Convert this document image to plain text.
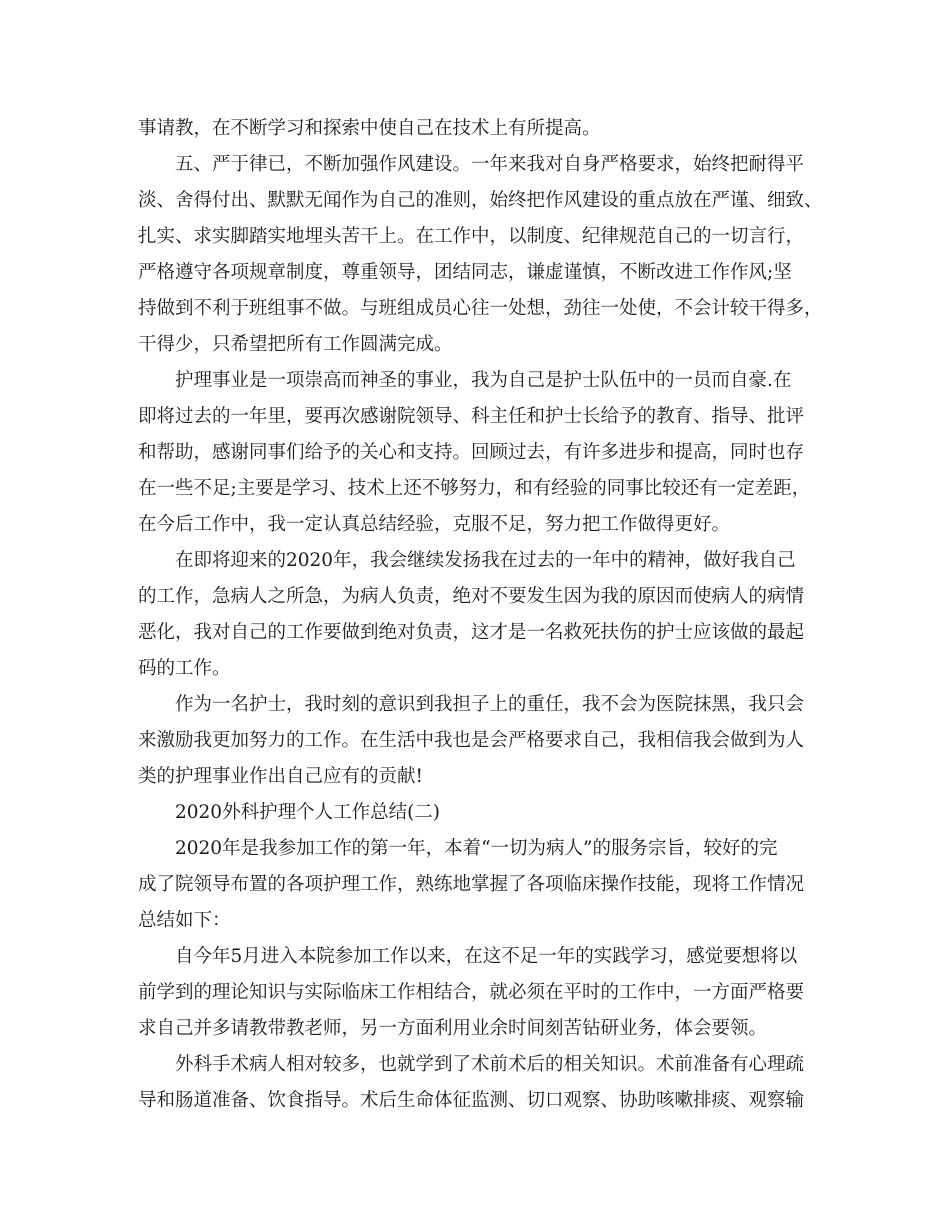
事请教，在不断学习和探索中使自己在技术上有所提高。
五、严于律已，不断加强作风建设。一年来我对自身严格要求，始终把耐得平
淡、舍得付出、默默无闻作为自己的准则，始终把作风建设的重点放在严谨、细致、
扎实、求实脚踏实地埋头苦干上。在工作中，以制度、纪律规范自己的一切言行，
严格遵守各项规章制度，尊重领导，团结同志，谦虚谨慎，不断改进工作作风;坚
持做到不利于班组事不做。与班组成员心往一处想，劲往一处使，不会计较干得多，
干得少，只希望把所有工作圆满完成。
护理事业是一项崇高而神圣的事业，我为自己是护士队伍中的一员而自豪.在
即将过去的一年里，要再次感谢院领导、科主任和护士长给予的教育、指导、批评
和帮助，感谢同事们给予的关心和支持。回顾过去，有许多进步和提高，同时也存
在一些不足;主要是学习、技术上还不够努力，和有经验的同事比较还有一定差距，
在今后工作中，我一定认真总结经验，克服不足，努力把工作做得更好。
在即将迎来的2020年，我会继续发扬我在过去的一年中的精神，做好我自己
的工作，急病人之所急，为病人负责，绝对不要发生因为我的原因而使病人的病情
恶化，我对自己的工作要做到绝对负责，这才是一名救死扶伤的护士应该做的最起
码的工作。
作为一名护士，我时刻的意识到我担子上的重任，我不会为医院抹黑，我只会
来激励我更加努力的工作。在生活中我也是会严格要求自己，我相信我会做到为人
类的护理事业作出自己应有的贡献!
2020外科护理个人工作总结(二)
2020年是我参加工作的第一年，本着“一切为病人”的服务宗旨，较好的完
成了院领导布置的各项护理工作，熟练地掌握了各项临床操作技能，现将工作情况
总结如下：
自今年5月进入本院参加工作以来，在这不足一年的实践学习，感觉要想将以
前学到的理论知识与实际临床工作相结合，就必须在平时的工作中，一方面严格要
求自己并多请教带教老师，另一方面利用业余时间刻苦钻研业务，体会要领。
外科手术病人相对较多，也就学到了术前术后的相关知识。术前准备有心理疏
导和肠道准备、饮食指导。术后生命体征监测、切口观察、协助咳嗽排痰、观察输
